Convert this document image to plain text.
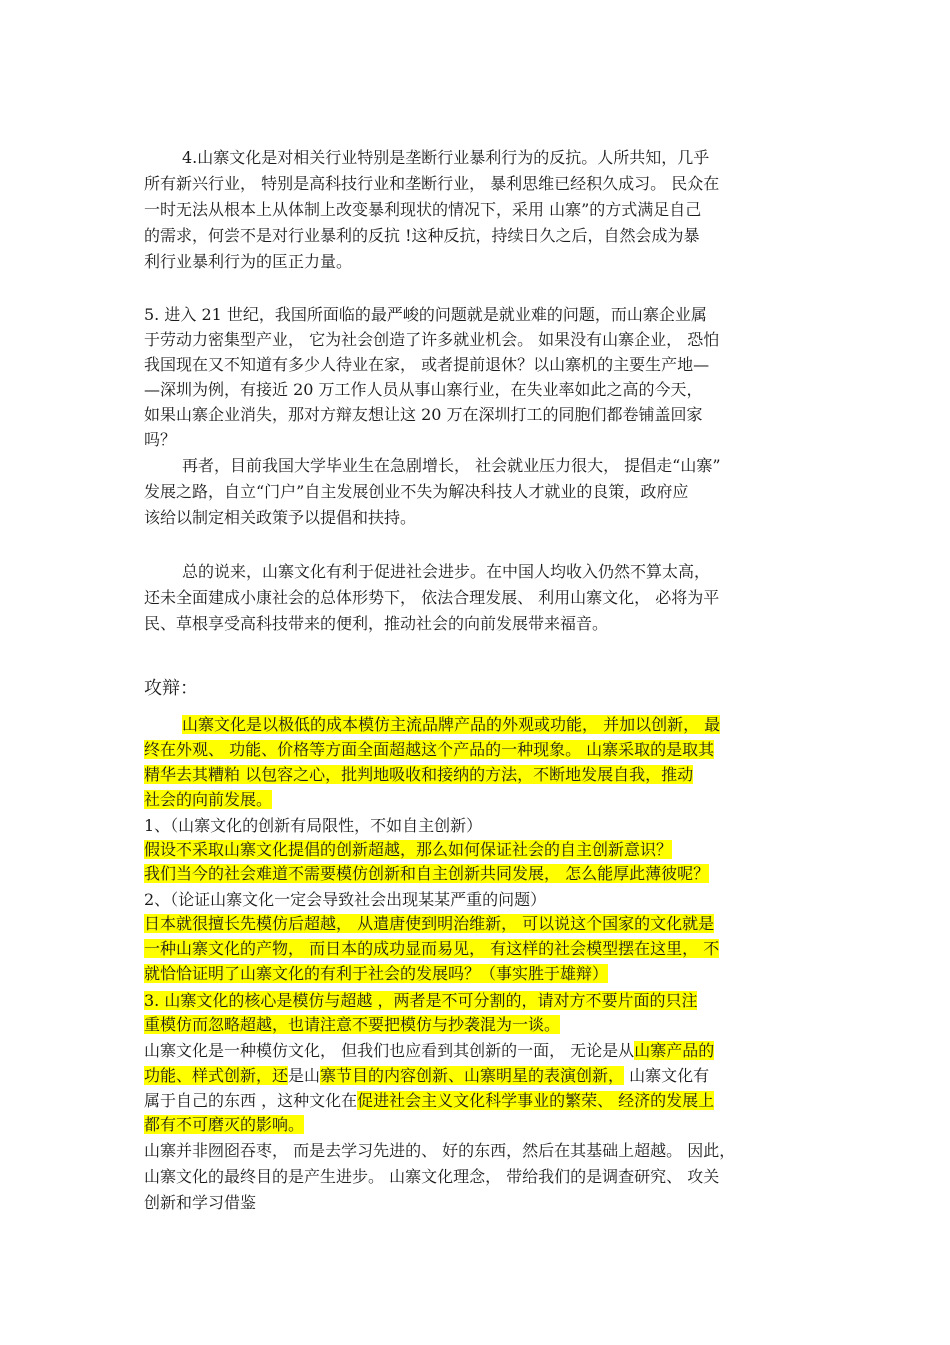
4.山寨文化是对相关行业特别是垄断行业暴利行为的反抗。人所共知，几乎
所有新兴行业， 特别是高科技行业和垄断行业， 暴利思维已经积久成习。 民众在
一时无法从根本上从体制上改变暴利现状的情况下，采用 山寨”的方式满足自己
的需求，何尝不是对行业暴利的反抗 !这种反抗，持续日久之后，自然会成为暴
利行业暴利行为的匡正力量。
5. 进入 21 世纪，我国所面临的最严峻的问题就是就业难的问题，而山寨企业属
于劳动力密集型产业， 它为社会创造了许多就业机会。 如果没有山寨企业， 恐怕
我国现在又不知道有多少人待业在家， 或者提前退休？以山寨机的主要生产地—
—深圳为例，有接近 20 万工作人员从事山寨行业，在失业率如此之高的今天，
如果山寨企业消失，那对方辩友想让这 20 万在深圳打工的同胞们都卷铺盖回家
吗？
再者，目前我国大学毕业生在急剧增长， 社会就业压力很大， 提倡走“山寨”
发展之路，自立“门户”自主发展创业不失为解决科技人才就业的良策，政府应
该给以制定相关政策予以提倡和扶持。
总的说来，山寨文化有利于促进社会进步。在中国人均收入仍然不算太高，
还未全面建成小康社会的总体形势下， 依法合理发展、 利用山寨文化， 必将为平
民、草根享受高科技带来的便利，推动社会的向前发展带来福音。
攻辩：
山寨文化是以极低的成本模仿主流品牌产品的外观或功能， 并加以创新， 最
终在外观、 功能、价格等方面全面超越这个产品的一种现象。 山寨采取的是取其
精华去其糟粕 以包容之心，批判地吸收和接纳的方法，不断地发展自我，推动
社会的向前发展。
1、（山寨文化的创新有局限性，不如自主创新）
假设不采取山寨文化提倡的创新超越，那么如何保证社会的自主创新意识？
我们当今的社会难道不需要模仿创新和自主创新共同发展， 怎么能厚此薄彼呢？
2、（论证山寨文化一定会导致社会出现某某严重的问题）
日本就很擅长先模仿后超越， 从遣唐使到明治维新， 可以说这个国家的文化就是
一种山寨文化的产物， 而日本的成功显而易见， 有这样的社会模型摆在这里， 不
就恰恰证明了山寨文化的有利于社会的发展吗？（事实胜于雄辩）
3. 山寨文化的核心是模仿与超越 ，两者是不可分割的，请对方不要片面的只注
重模仿而忽略超越，也请注意不要把模仿与抄袭混为一谈。
山寨文化是一种模仿文化， 但我们也应看到其创新的一面， 无论是从山寨产品的
功能、样式创新，还是山寨节目的内容创新、山寨明星的表演创新， 山寨文化有
属于自己的东西 ，这种文化在促进社会主义文化科学事业的繁荣、 经济的发展上
都有不可磨灭的影响。
山寨并非囫囵吞枣， 而是去学习先进的、 好的东西，然后在其基础上超越。 因此，
山寨文化的最终目的是产生进步。 山寨文化理念， 带给我们的是调查研究、 攻关
创新和学习借鉴
